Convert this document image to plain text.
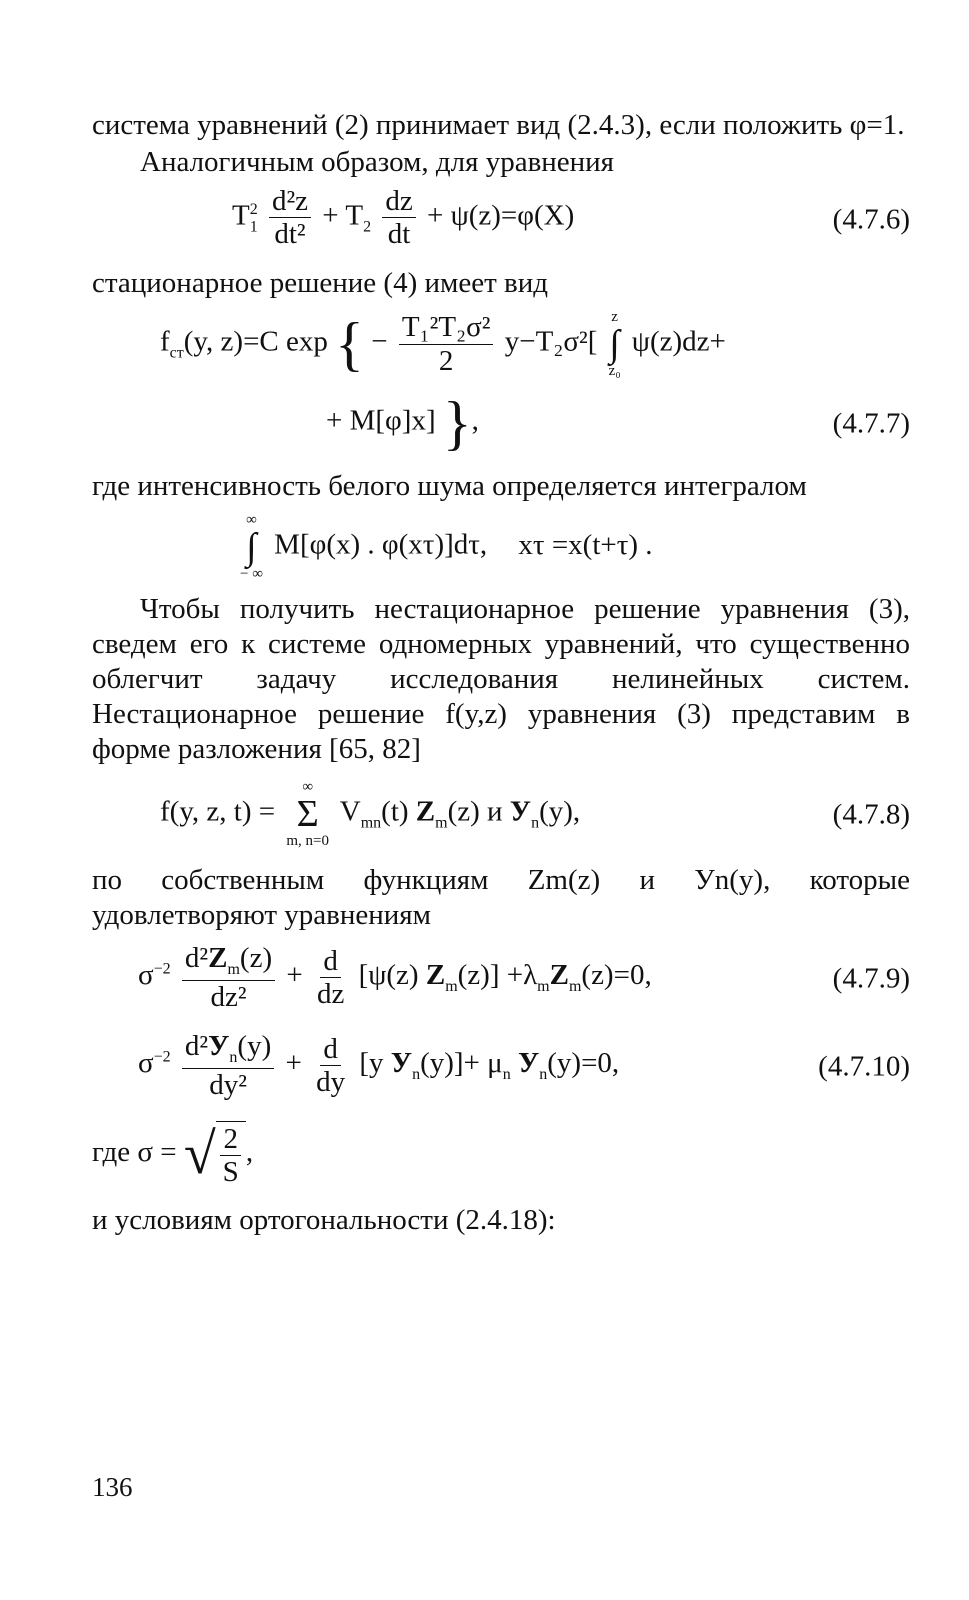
система уравнений (2) принимает вид (2.4.3), если положить φ=1.

Аналогичным образом, для уравнения

$T_1^2 \frac{\text{d²z}}{\text{dt²}} + T_2 \frac{dz}{dt} + \psi(z)=\varphi(X)$	(4.7.6)

стационарное решение (4) имеет вид

$f_{ст}(y$, z)=C exp { − $\frac{\text{T₁²T₂σ²}}{2} y-T_2\sigma^2$[
z
∫
z₀
ψ(z)dz+
+ M[φ]x] },	(4.7.7)

где интенсивность белого шума определяется интегралом

∞
∫
− ∞
M[φ(x) . φ(xτ)]dτ, xτ =x(t+τ) .

Чтобы получить нестационарное решение уравнения (3), сведем его к системе одномерных уравнений, что существенно облегчит задачу исследования нелинейных систем. Нестационарное решение f(y,z) уравнения (3) представим в форме разложения [65, 82]

f(y, z, t) =
∞
Σ
m, n=0
$V_{mn}(t)$ $Z_m(z)$ и $У_n(y)$,	(4.7.8)

по собственным функциям Zm(z) и Уn(y), которые удовлетворяют уравнениям

$\sigma^{-2} \frac{d^2Z_m(z)}{\text{dz²}} + \frac{d}{dz} [\psi(z)$ $Z_m(z)] +\lambda_mZ_m(z)=0$,	(4.7.9)
$\sigma^{-2} \frac{d^2У_n(y)}{\text{dy²}} + \frac{d}{dy} [y$ $У_n(y)]+ \mu_n$ $У_n(y)=0$,	(4.7.10)
где σ = √ $\frac{2}{S}$ ,

и условиям ортогональности (2.4.18):

136
